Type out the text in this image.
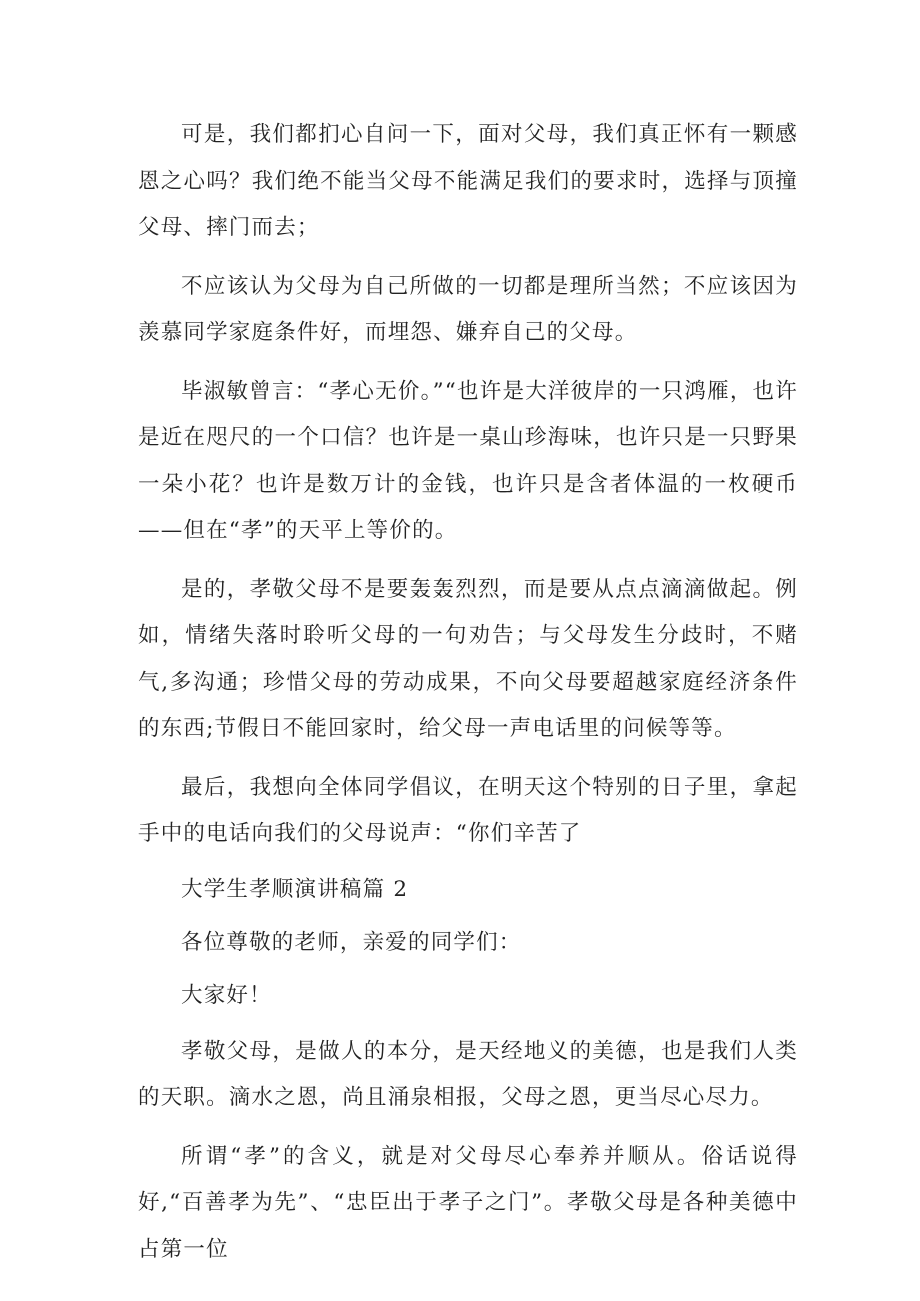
可是，我们都扪心自问一下，面对父母，我们真正怀有一颗感恩之心吗？我们绝不能当父母不能满足我们的要求时，选择与顶撞父母、摔门而去；

不应该认为父母为自己所做的一切都是理所当然；不应该因为羡慕同学家庭条件好，而埋怨、嫌弃自己的父母。

毕淑敏曾言：“孝心无价。”“也许是大洋彼岸的一只鸿雁，也许是近在咫尺的一个口信？也许是一桌山珍海味，也许只是一只野果一朵小花？也许是数万计的金钱，也许只是含者体温的一枚硬币——但在“孝”的天平上等价的。

是的，孝敬父母不是要轰轰烈烈，而是要从点点滴滴做起。例如，情绪失落时聆听父母的一句劝告；与父母发生分歧时，不赌气,多沟通；珍惜父母的劳动成果，不向父母要超越家庭经济条件的东西;节假日不能回家时，给父母一声电话里的问候等等。

最后，我想向全体同学倡议，在明天这个特别的日子里，拿起手中的电话向我们的父母说声：“你们辛苦了

大学生孝顺演讲稿篇 2

各位尊敬的老师，亲爱的同学们：

大家好！

孝敬父母，是做人的本分，是天经地义的美德，也是我们人类的天职。滴水之恩，尚且涌泉相报，父母之恩，更当尽心尽力。

所谓“孝”的含义，就是对父母尽心奉养并顺从。俗话说得好,“百善孝为先”、“忠臣出于孝子之门”。孝敬父母是各种美德中占第一位
